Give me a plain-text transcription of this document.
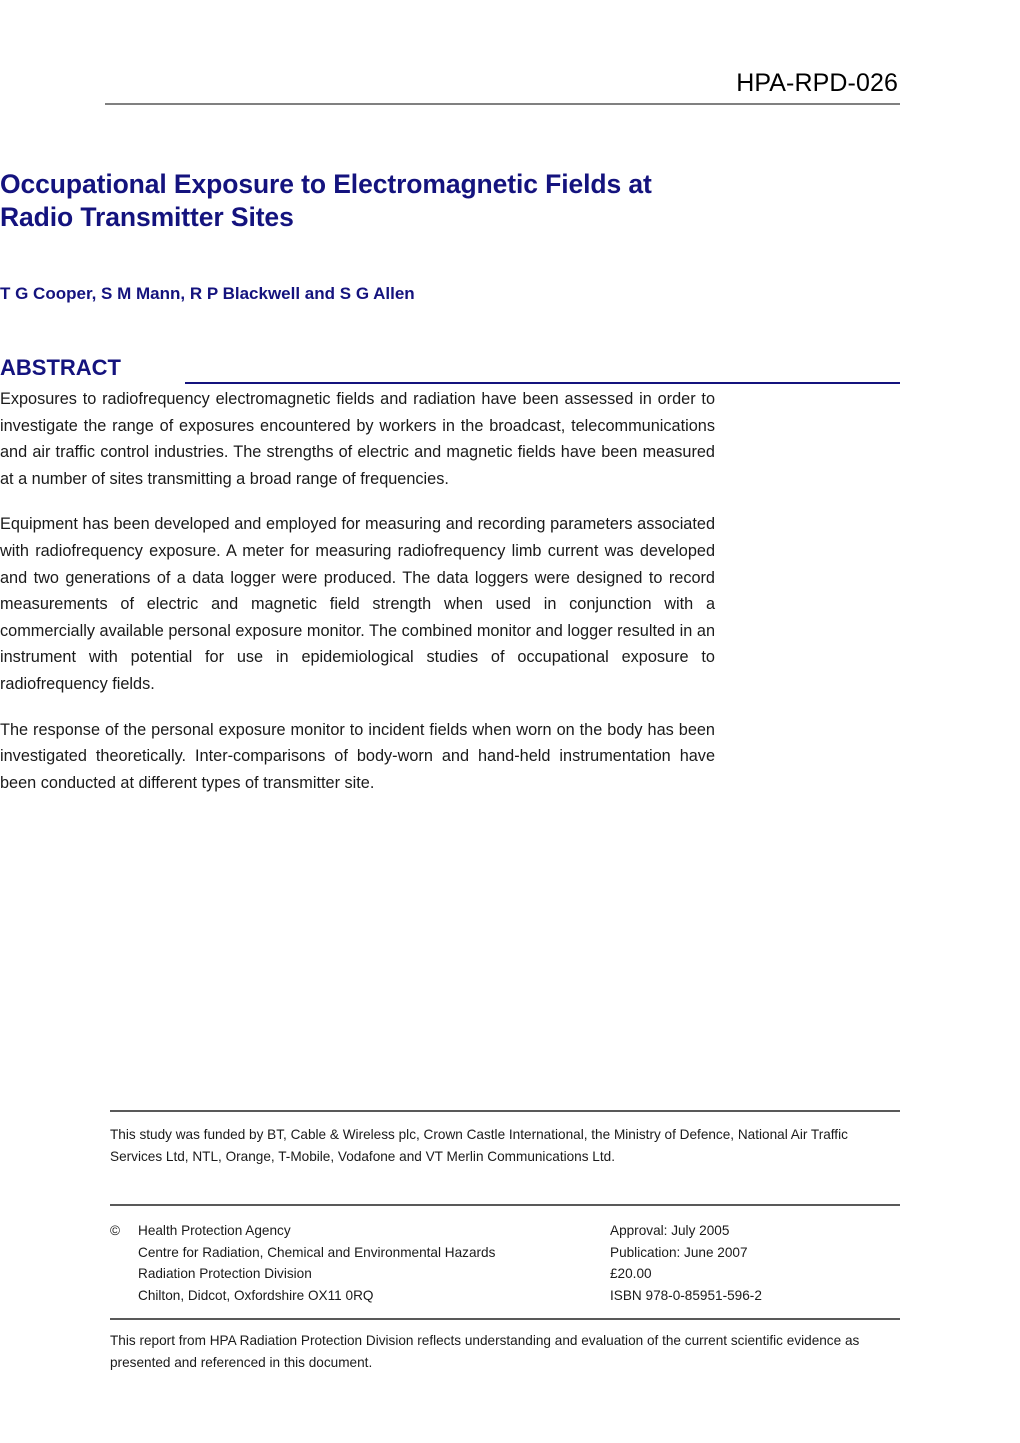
HPA-RPD-026
Occupational Exposure to Electromagnetic Fields at Radio Transmitter Sites
T G Cooper, S M Mann, R P Blackwell and S G Allen
ABSTRACT

Exposures to radiofrequency electromagnetic fields and radiation have been assessed in order to investigate the range of exposures encountered by workers in the broadcast, telecommunications and air traffic control industries. The strengths of electric and magnetic fields have been measured at a number of sites transmitting a broad range of frequencies.

Equipment has been developed and employed for measuring and recording parameters associated with radiofrequency exposure. A meter for measuring radiofrequency limb current was developed and two generations of a data logger were produced. The data loggers were designed to record measurements of electric and magnetic field strength when used in conjunction with a commercially available personal exposure monitor. The combined monitor and logger resulted in an instrument with potential for use in epidemiological studies of occupational exposure to radiofrequency fields.

The response of the personal exposure monitor to incident fields when worn on the body has been investigated theoretically. Inter-comparisons of body-worn and hand-held instrumentation have been conducted at different types of transmitter site.

This study was funded by BT, Cable & Wireless plc, Crown Castle International, the Ministry of Defence, National Air Traffic Services Ltd, NTL, Orange, T-Mobile, Vodafone and VT Merlin Communications Ltd.
©	Health Protection Agency
Centre for Radiation, Chemical and Environmental Hazards
Radiation Protection Division
Chilton, Didcot, Oxfordshire OX11 0RQ
Approval: July 2005
Publication: June 2007
£20.00
ISBN 978-0-85951-596-2
This report from HPA Radiation Protection Division reflects understanding and evaluation of the current scientific evidence as presented and referenced in this document.
